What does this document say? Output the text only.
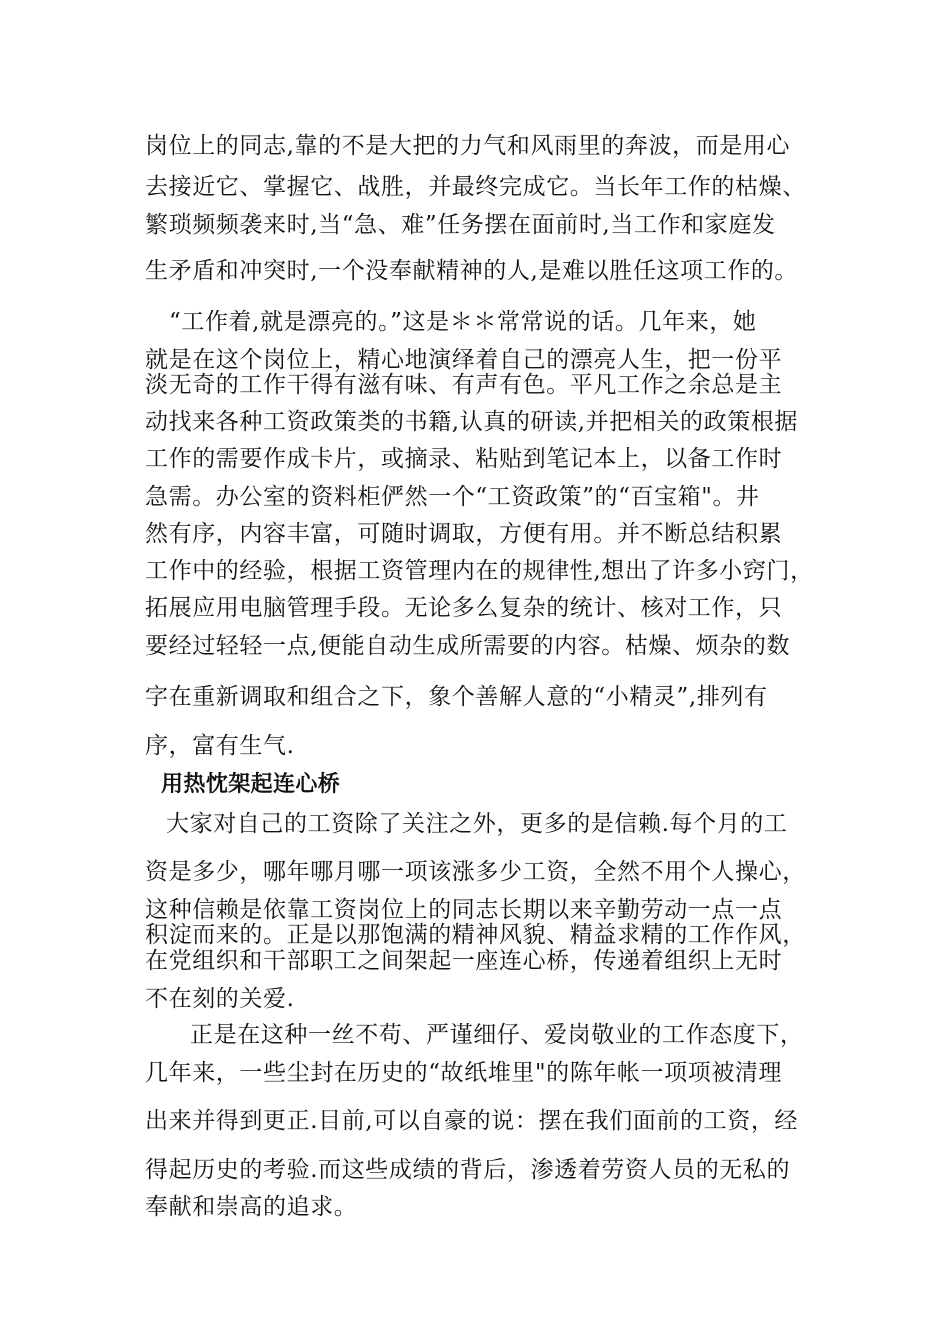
岗位上的同志,靠的不是大把的力气和风雨里的奔波，而是用心

去接近它、掌握它、战胜，并最终完成它。当长年工作的枯燥、

繁琐频频袭来时,当“急、难”任务摆在面前时,当工作和家庭发

生矛盾和冲突时,一个没奉献精神的人,是难以胜任这项工作的。

“工作着,就是漂亮的。”这是＊＊常常说的话。几年来，她

就是在这个岗位上，精心地演绎着自己的漂亮人生，把一份平

淡无奇的工作干得有滋有味、有声有色。平凡工作之余总是主

动找来各种工资政策类的书籍,认真的研读,并把相关的政策根据

工作的需要作成卡片，或摘录、粘贴到笔记本上，以备工作时

急需。办公室的资料柜俨然一个“工资政策”的“百宝箱"。井

然有序，内容丰富，可随时调取，方便有用。并不断总结积累

工作中的经验，根据工资管理内在的规律性,想出了许多小窍门，

拓展应用电脑管理手段。无论多么复杂的统计、核对工作，只

要经过轻轻一点,便能自动生成所需要的内容。枯燥、烦杂的数

字在重新调取和组合之下，象个善解人意的“小精灵”,排列有

序，富有生气.

用热忱架起连心桥

大家对自己的工资除了关注之外，更多的是信赖.每个月的工

资是多少，哪年哪月哪一项该涨多少工资，全然不用个人操心，

这种信赖是依靠工资岗位上的同志长期以来辛勤劳动一点一点

积淀而来的。正是以那饱满的精神风貌、精益求精的工作作风，

在党组织和干部职工之间架起一座连心桥，传递着组织上无时

不在刻的关爱.

正是在这种一丝不苟、严谨细仔、爱岗敬业的工作态度下，

几年来，一些尘封在历史的“故纸堆里"的陈年帐一项项被清理

出来并得到更正.目前,可以自豪的说：摆在我们面前的工资，经

得起历史的考验.而这些成绩的背后，渗透着劳资人员的无私的

奉献和崇高的追求。
